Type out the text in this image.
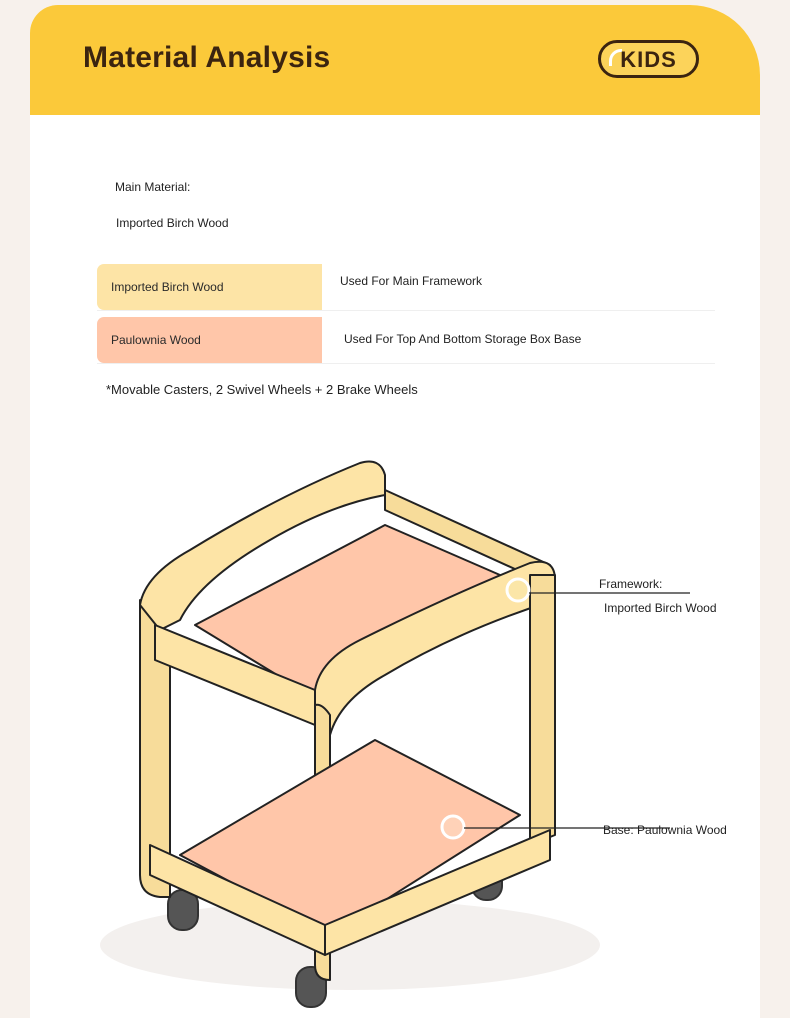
Material Analysis	KIDS
Main Material:
Imported Birch Wood
Imported Birch Wood	Used For Main Framework
Paulownia Wood	Used For Top And Bottom Storage Box Base
*Movable Casters, 2 Swivel Wheels + 2 Brake Wheels
Framework:
Imported Birch Wood
Base: Paulownia Wood
